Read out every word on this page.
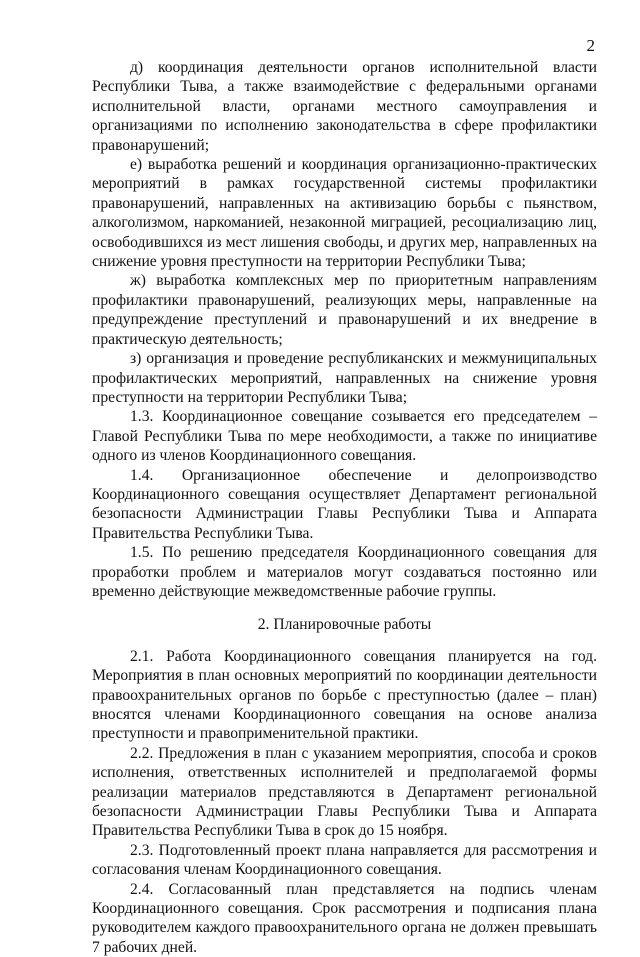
2

д) координация деятельности органов исполнительной власти Республики Тыва, а также взаимодействие с федеральными органами исполнительной власти, органами местного самоуправления и организациями по исполнению законодательства в сфере профилактики правонарушений;

е) выработка решений и координация организационно-практических мероприятий в рамках государственной системы профилактики правонарушений, направленных на активизацию борьбы с пьянством, алкоголизмом, наркоманией, незаконной миграцией, ресоциализацию лиц, освободившихся из мест лишения свободы, и других мер, направленных на снижение уровня преступности на территории Республики Тыва;

ж) выработка комплексных мер по приоритетным направлениям профилактики правонарушений, реализующих меры, направленные на предупреждение преступлений и правонарушений и их внедрение в практическую деятельность;

з) организация и проведение республиканских и межмуниципальных профилактических мероприятий, направленных на снижение уровня преступности на территории Республики Тыва;

1.3. Координационное совещание созывается его председателем – Главой Республики Тыва по мере необходимости, а также по инициативе одного из членов Координационного совещания.

1.4. Организационное обеспечение и делопроизводство Координационного совещания осуществляет Департамент региональной безопасности Администрации Главы Республики Тыва и Аппарата Правительства Республики Тыва.

1.5. По решению председателя Координационного совещания для проработки проблем и материалов могут создаваться постоянно или временно действующие межведомственные рабочие группы.

2. Планировочные работы

2.1. Работа Координационного совещания планируется на год. Мероприятия в план основных мероприятий по координации деятельности правоохранительных органов по борьбе с преступностью (далее – план) вносятся членами Координационного совещания на основе анализа преступности и правоприменительной практики.

2.2. Предложения в план с указанием мероприятия, способа и сроков исполнения, ответственных исполнителей и предполагаемой формы реализации материалов представляются в Департамент региональной безопасности Администрации Главы Республики Тыва и Аппарата Правительства Республики Тыва в срок до 15 ноября.

2.3. Подготовленный проект плана направляется для рассмотрения и согласования членам Координационного совещания.

2.4. Согласованный план представляется на подпись членам Координационного совещания. Срок рассмотрения и подписания плана руководителем каждого правоохранительного органа не должен превышать 7 рабочих дней.
